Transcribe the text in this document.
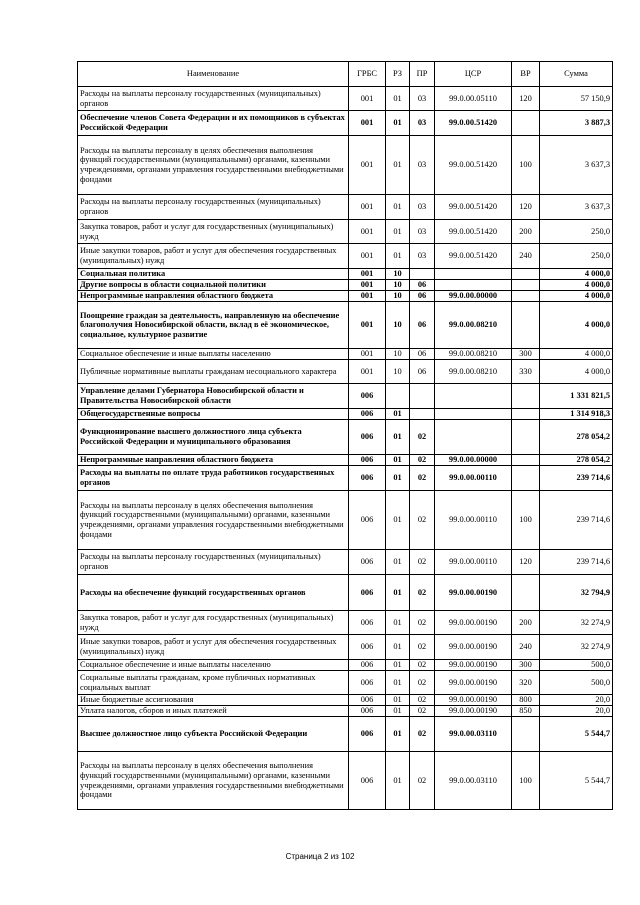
Наименование	ГРБС	РЗ	ПР	ЦСР	ВР	Сумма
Расходы на выплаты персоналу государственных (муниципальных) органов	001	01	03	99.0.00.05110	120	57 150,9
Обеспечение членов Совета Федерации и их помощников в субъектах Российской Федерации	001	01	03	99.0.00.51420		3 887,3
Расходы на выплаты персоналу в целях обеспечения выполнения функций государственными (муниципальными) органами, казенными учреждениями, органами управления государственными внебюджетными фондами	001	01	03	99.0.00.51420	100	3 637,3
Расходы на выплаты персоналу государственных (муниципальных) органов	001	01	03	99.0.00.51420	120	3 637,3
Закупка товаров, работ и услуг для государственных (муниципальных) нужд	001	01	03	99.0.00.51420	200	250,0
Иные закупки товаров, работ и услуг для обеспечения государственных (муниципальных) нужд	001	01	03	99.0.00.51420	240	250,0
Социальная политика	001	10				4 000,0
Другие вопросы в области социальной политики	001	10	06			4 000,0
Непрограммные направления областного бюджета	001	10	06	99.0.00.00000		4 000,0
Поощрение граждан за деятельность, направленную на обеспечение благополучия Новосибирской области, вклад в её экономическое, социальное, культурное развитие	001	10	06	99.0.00.08210		4 000,0
Социальное обеспечение и иные выплаты населению	001	10	06	99.0.00.08210	300	4 000,0
Публичные нормативные выплаты гражданам несоциального характера	001	10	06	99.0.00.08210	330	4 000,0
Управление делами Губернатора Новосибирской области и Правительства Новосибирской области	006					1 331 821,5
Общегосударственные вопросы	006	01				1 314 918,3
Функционирование высшего должностного лица субъекта Российской Федерации и муниципального образования	006	01	02			278 054,2
Непрограммные направления областного бюджета	006	01	02	99.0.00.00000		278 054,2
Расходы на выплаты по оплате труда работников государственных органов	006	01	02	99.0.00.00110		239 714,6
Расходы на выплаты персоналу в целях обеспечения выполнения функций государственными (муниципальными) органами, казенными учреждениями, органами управления государственными внебюджетными фондами	006	01	02	99.0.00.00110	100	239 714,6
Расходы на выплаты персоналу государственных (муниципальных) органов	006	01	02	99.0.00.00110	120	239 714,6
Расходы на обеспечение функций государственных органов	006	01	02	99.0.00.00190		32 794,9
Закупка товаров, работ и услуг для государственных (муниципальных) нужд	006	01	02	99.0.00.00190	200	32 274,9
Иные закупки товаров, работ и услуг для обеспечения государственных (муниципальных) нужд	006	01	02	99.0.00.00190	240	32 274,9
Социальное обеспечение и иные выплаты населению	006	01	02	99.0.00.00190	300	500,0
Социальные выплаты гражданам, кроме публичных нормативных социальных выплат	006	01	02	99.0.00.00190	320	500,0
Иные бюджетные ассигнования	006	01	02	99.0.00.00190	800	20,0
Уплата налогов, сборов и иных платежей	006	01	02	99.0.00.00190	850	20,0
Высшее должностное лицо субъекта Российской Федерации	006	01	02	99.0.00.03110		5 544,7
Расходы на выплаты персоналу в целях обеспечения выполнения функций государственными (муниципальными) органами, казенными учреждениями, органами управления государственными внебюджетными фондами	006	01	02	99.0.00.03110	100	5 544,7
Страница 2 из 102
